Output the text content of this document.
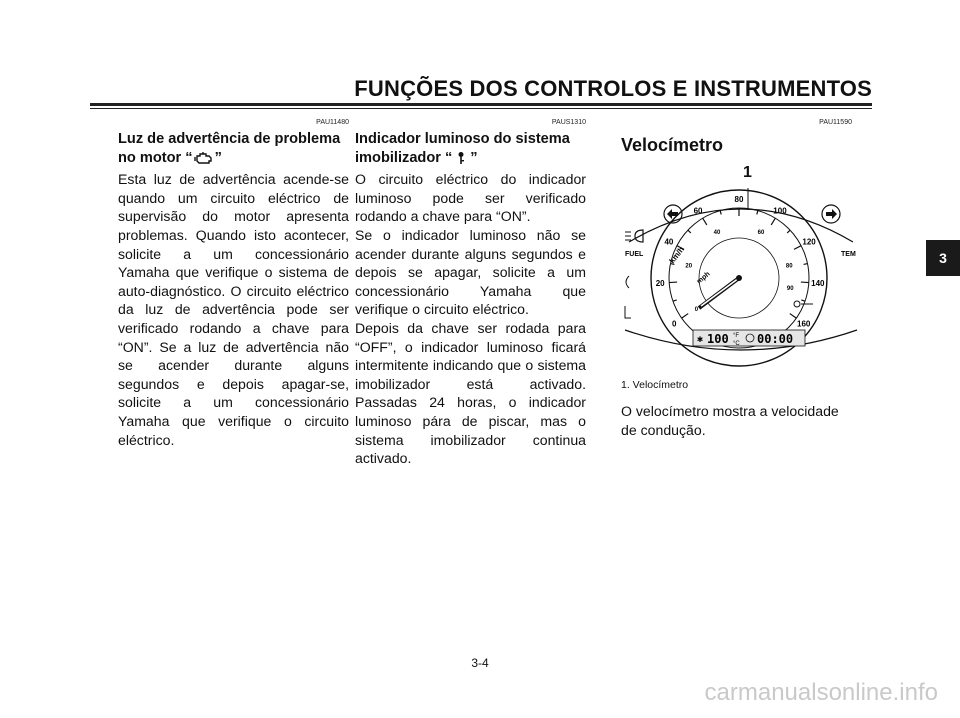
FUNÇÕES DOS CONTROLOS E INSTRUMENTOS
3
PAU11480
Luz de advertência de problema
no motor “ ”

Esta luz de advertência acende-se quando um circuito eléctrico de supervisão do motor apresenta problemas. Quando isto acontecer, solicite a um concessionário Yamaha que verifique o sistema de auto-diagnóstico. O circuito eléctrico da luz de advertência pode ser verificado rodando a chave para “ON”. Se a luz de advertência não se acender durante alguns segundos e depois apagar-se, solicite a um concessionário Yamaha que verifique o circuito eléctrico.

PAUS1310
Indicador luminoso do sistema
imobilizador “ ”

O circuito eléctrico do indicador luminoso pode ser verificado rodando a chave para “ON”.

Se o indicador luminoso não se acender durante alguns segundos e depois se apagar, solicite a um concessionário Yamaha que verifique o circuito eléctrico.

Depois da chave ser rodada para “OFF”, o indicador luminoso ficará intermitente indicando que o sistema imobilizador está activado. Passadas 24 horas, o indicador luminoso pára de piscar, mas o sistema imobilizador continua activado.

PAU11590
Velocímetro
1
0
20
40
60
80
100
120
140
160
0
20
40	60
80
90
km/h
mph
FUEL	TEM
✱ 100 °F
°C 00:00
1. Velocímetro

O velocímetro mostra a velocidade de condução.

3-4
carmanualsonline.info
